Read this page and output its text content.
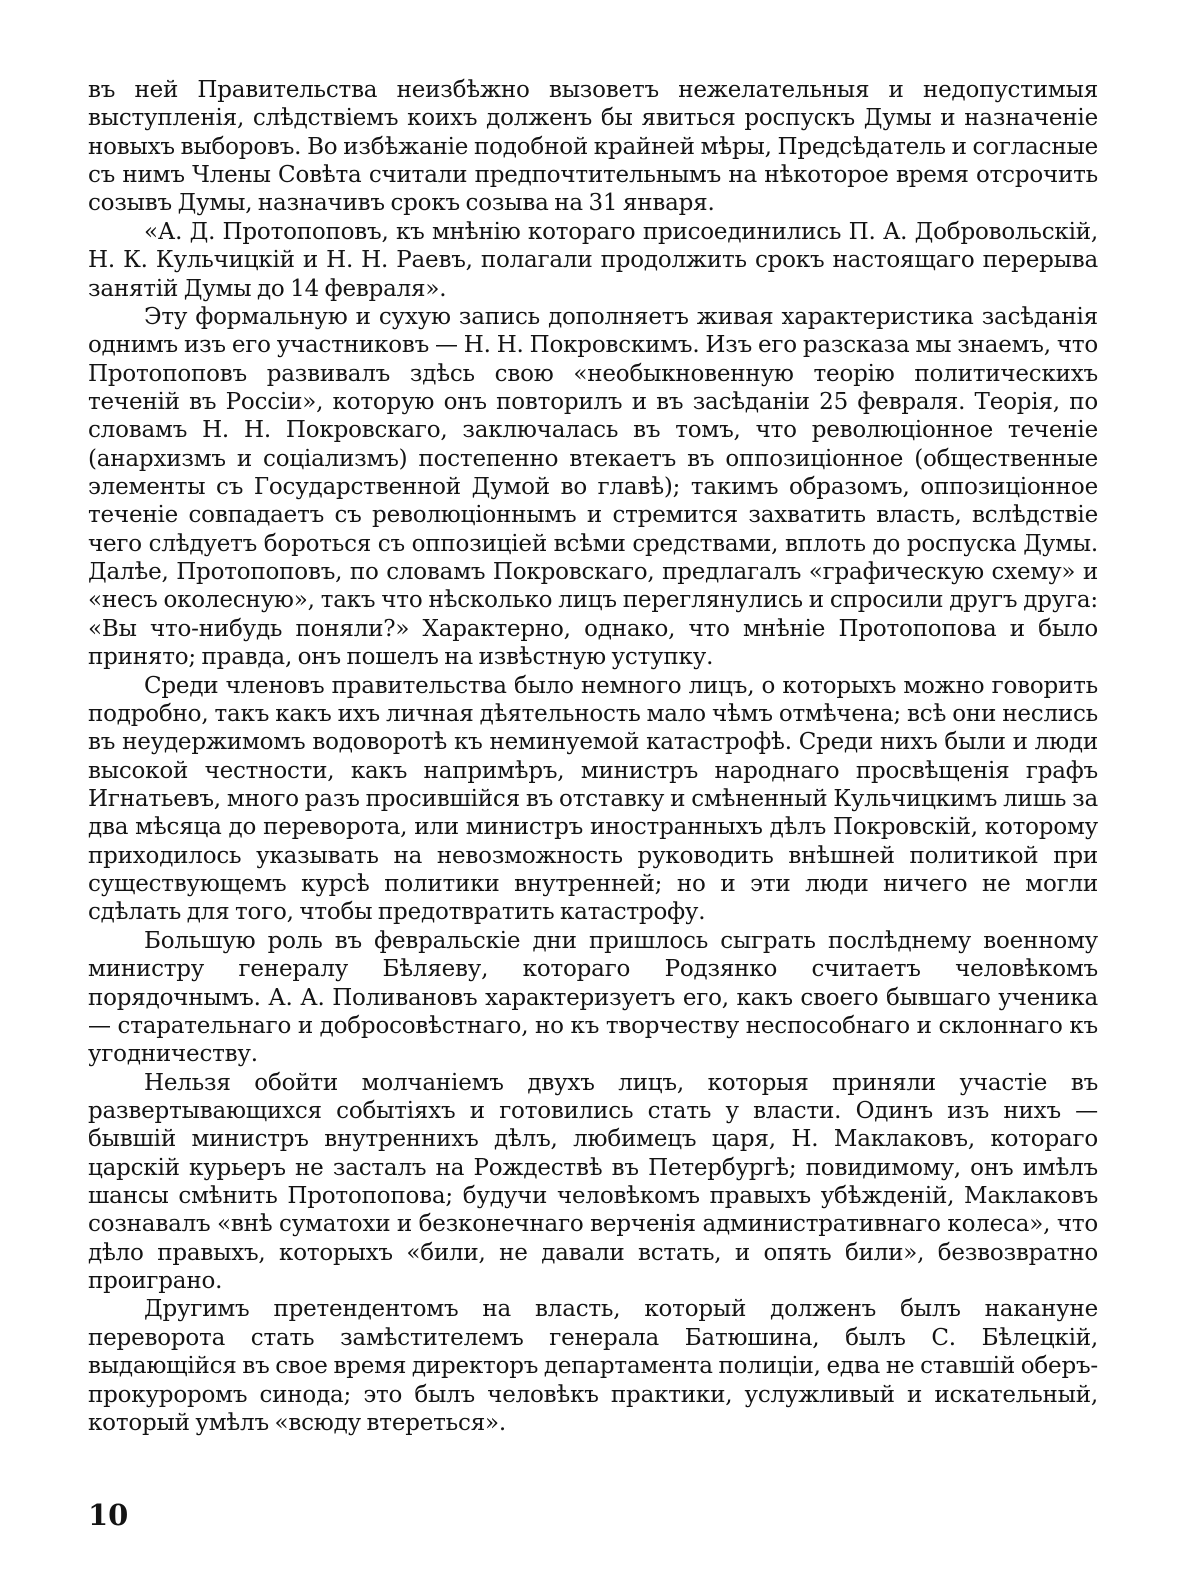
въ ней Правительства неизбѣжно вызоветъ нежелательныя и недопустимыя выступленія, слѣдствіемъ коихъ долженъ бы явиться роспускъ Думы и назначеніе новыхъ выборовъ. Во избѣжаніе подобной крайней мѣры, Предсѣдатель и согласные съ нимъ Члены Совѣта считали предпочтительнымъ на нѣкоторое время отсрочить созывъ Думы, назначивъ срокъ созыва на 31 января.

«А. Д. Протопоповъ, къ мнѣнію котораго присоединились П. А. Добровольскій, Н. К. Кульчицкій и Н. Н. Раевъ, полагали продолжить срокъ настоящаго перерыва занятій Думы до 14 февраля».

Эту формальную и сухую запись дополняетъ живая характеристика засѣданія однимъ изъ его участниковъ — Н. Н. Покровскимъ. Изъ его разсказа мы знаемъ, что Протопоповъ развивалъ здѣсь свою «необыкновенную теорію политическихъ теченій въ Россіи», которую онъ повторилъ и въ засѣданіи 25 февраля. Теорія, по словамъ Н. Н. Покровскаго, заключалась въ томъ, что революціонное теченіе (анархизмъ и соціализмъ) постепенно втекаетъ въ оппозиціонное (общественные элементы съ Государственной Думой во главѣ); такимъ образомъ, оппозиціонное теченіе совпадаетъ съ революціоннымъ и стремится захватить власть, вслѣдствіе чего слѣдуетъ бороться съ оппозиціей всѣми средствами, вплоть до роспуска Думы. Далѣе, Протопоповъ, по словамъ Покровскаго, предлагалъ «графическую схему» и «несъ околесную», такъ что нѣсколько лицъ переглянулись и спросили другъ друга: «Вы что-нибудь поняли?» Характерно, однако, что мнѣніе Протопопова и было принято; правда, онъ пошелъ на извѣстную уступку.

Среди членовъ правительства было немного лицъ, о которыхъ можно говорить подробно, такъ какъ ихъ личная дѣятельность мало чѣмъ отмѣчена; всѣ они неслись въ неудержимомъ водоворотѣ къ неминуемой катастрофѣ. Среди нихъ были и люди высокой честности, какъ напримѣръ, министръ народнаго просвѣщенія графъ Игнатьевъ, много разъ просившійся въ отставку и смѣненный Кульчицкимъ лишь за два мѣсяца до переворота, или министръ иностранныхъ дѣлъ Покровскій, которому приходилось указывать на невозможность руководить внѣшней политикой при существующемъ курсѣ политики внутренней; но и эти люди ничего не могли сдѣлать для того, чтобы предотвратить катастрофу.

Большую роль въ февральскіе дни пришлось сыграть послѣднему военному министру генералу Бѣляеву, котораго Родзянко считаетъ человѣкомъ порядочнымъ. А. А. Поливановъ характеризуетъ его, какъ своего бывшаго ученика — старательнаго и добросовѣстнаго, но къ творчеству неспособнаго и склоннаго къ угодничеству.

Нельзя обойти молчаніемъ двухъ лицъ, которыя приняли участіе въ развертывающихся событіяхъ и готовились стать у власти. Одинъ изъ нихъ — бывшій министръ внутреннихъ дѣлъ, любимецъ царя, Н. Маклаковъ, котораго царскій курьеръ не засталъ на Рождествѣ въ Петербургѣ; повидимому, онъ имѣлъ шансы смѣнить Протопопова; будучи человѣкомъ правыхъ убѣжденій, Маклаковъ сознавалъ «внѣ суматохи и безконечнаго верченія административнаго колеса», что дѣло правыхъ, которыхъ «били, не давали встать, и опять били», безвозвратно проиграно.

Другимъ претендентомъ на власть, который долженъ былъ накануне переворота стать замѣстителемъ генерала Батюшина, былъ С. Бѣлецкій, выдающійся въ свое время директоръ департамента полиціи, едва не ставшій оберъ-прокуроромъ синода; это былъ человѣкъ практики, услужливый и искательный, который умѣлъ «всюду втереться».

10
